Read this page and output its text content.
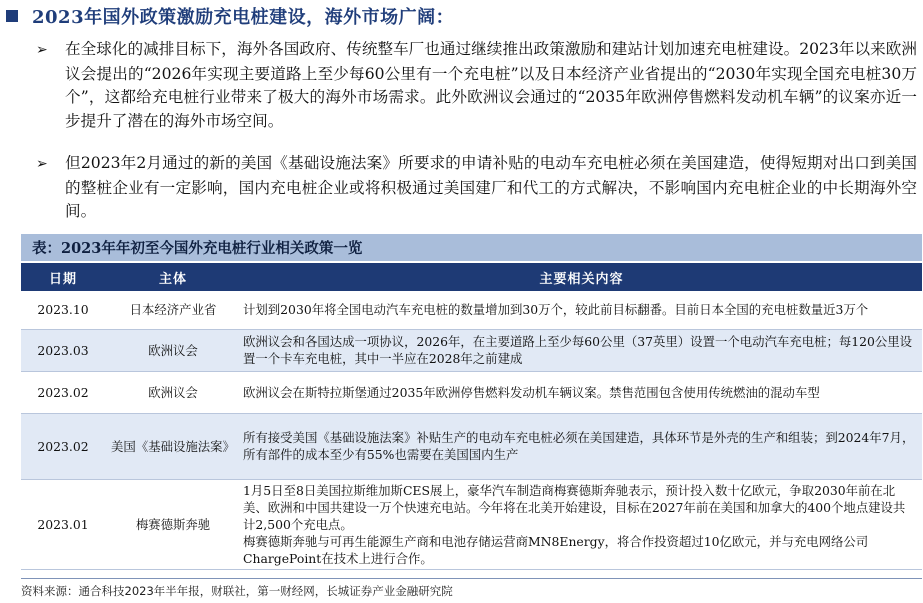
2023年国外政策激励充电桩建设，海外市场广阔：
➢ 在全球化的减排目标下，海外各国政府、传统整车厂也通过继续推出政策激励和建站计划加速充电桩建设。2023年以来欧洲议会提出的“2026年实现主要道路上至少每60公里有一个充电桩”以及日本经济产业省提出的“2030年实现全国充电桩30万个”，这都给充电桩行业带来了极大的海外市场需求。此外欧洲议会通过的“2035年欧洲停售燃料发动机车辆”的议案亦近一步提升了潜在的海外市场空间。
➢ 但2023年2月通过的新的美国《基础设施法案》所要求的申请补贴的电动车充电桩必须在美国建造，使得短期对出口到美国的整桩企业有一定影响，国内充电桩企业或将积极通过美国建厂和代工的方式解决，不影响国内充电桩企业的中长期海外空间。
表：2023年年初至今国外充电桩行业相关政策一览
日期	主体	主要相关内容
2023.10	日本经济产业省	计划到2030年将全国电动汽车充电桩的数量增加到30万个，较此前目标翻番。目前日本全国的充电桩数量近3万个
2023.03	欧洲议会	欧洲议会和各国达成一项协议，2026年，在主要道路上至少每60公里（37英里）设置一个电动汽车充电桩；每120公里设置一个卡车充电桩，其中一半应在2028年之前建成
2023.02	欧洲议会	欧洲议会在斯特拉斯堡通过2035年欧洲停售燃料发动机车辆议案。禁售范围包含使用传统燃油的混动车型
2023.02	美国《基础设施法案》	所有接受美国《基础设施法案》补贴生产的电动车充电桩必须在美国建造，具体环节是外壳的生产和组装；到2024年7月，所有部件的成本至少有55%也需要在美国国内生产
2023.01	梅赛德斯奔驰	1月5日至8日美国拉斯维加斯CES展上，豪华汽车制造商梅赛德斯奔驰表示，预计投入数十亿欧元，争取2030年前在北美、欧洲和中国共建设一万个快速充电站。今年将在北美开始建设，目标在2027年前在美国和加拿大的400个地点建设共计2,500个充电点。
梅赛德斯奔驰与可再生能源生产商和电池存储运营商MN8Energy，将合作投资超过10亿欧元，并与充电网络公司ChargePoint在技术上进行合作。
资料来源：通合科技2023年半年报，财联社，第一财经网，长城证券产业金融研究院
